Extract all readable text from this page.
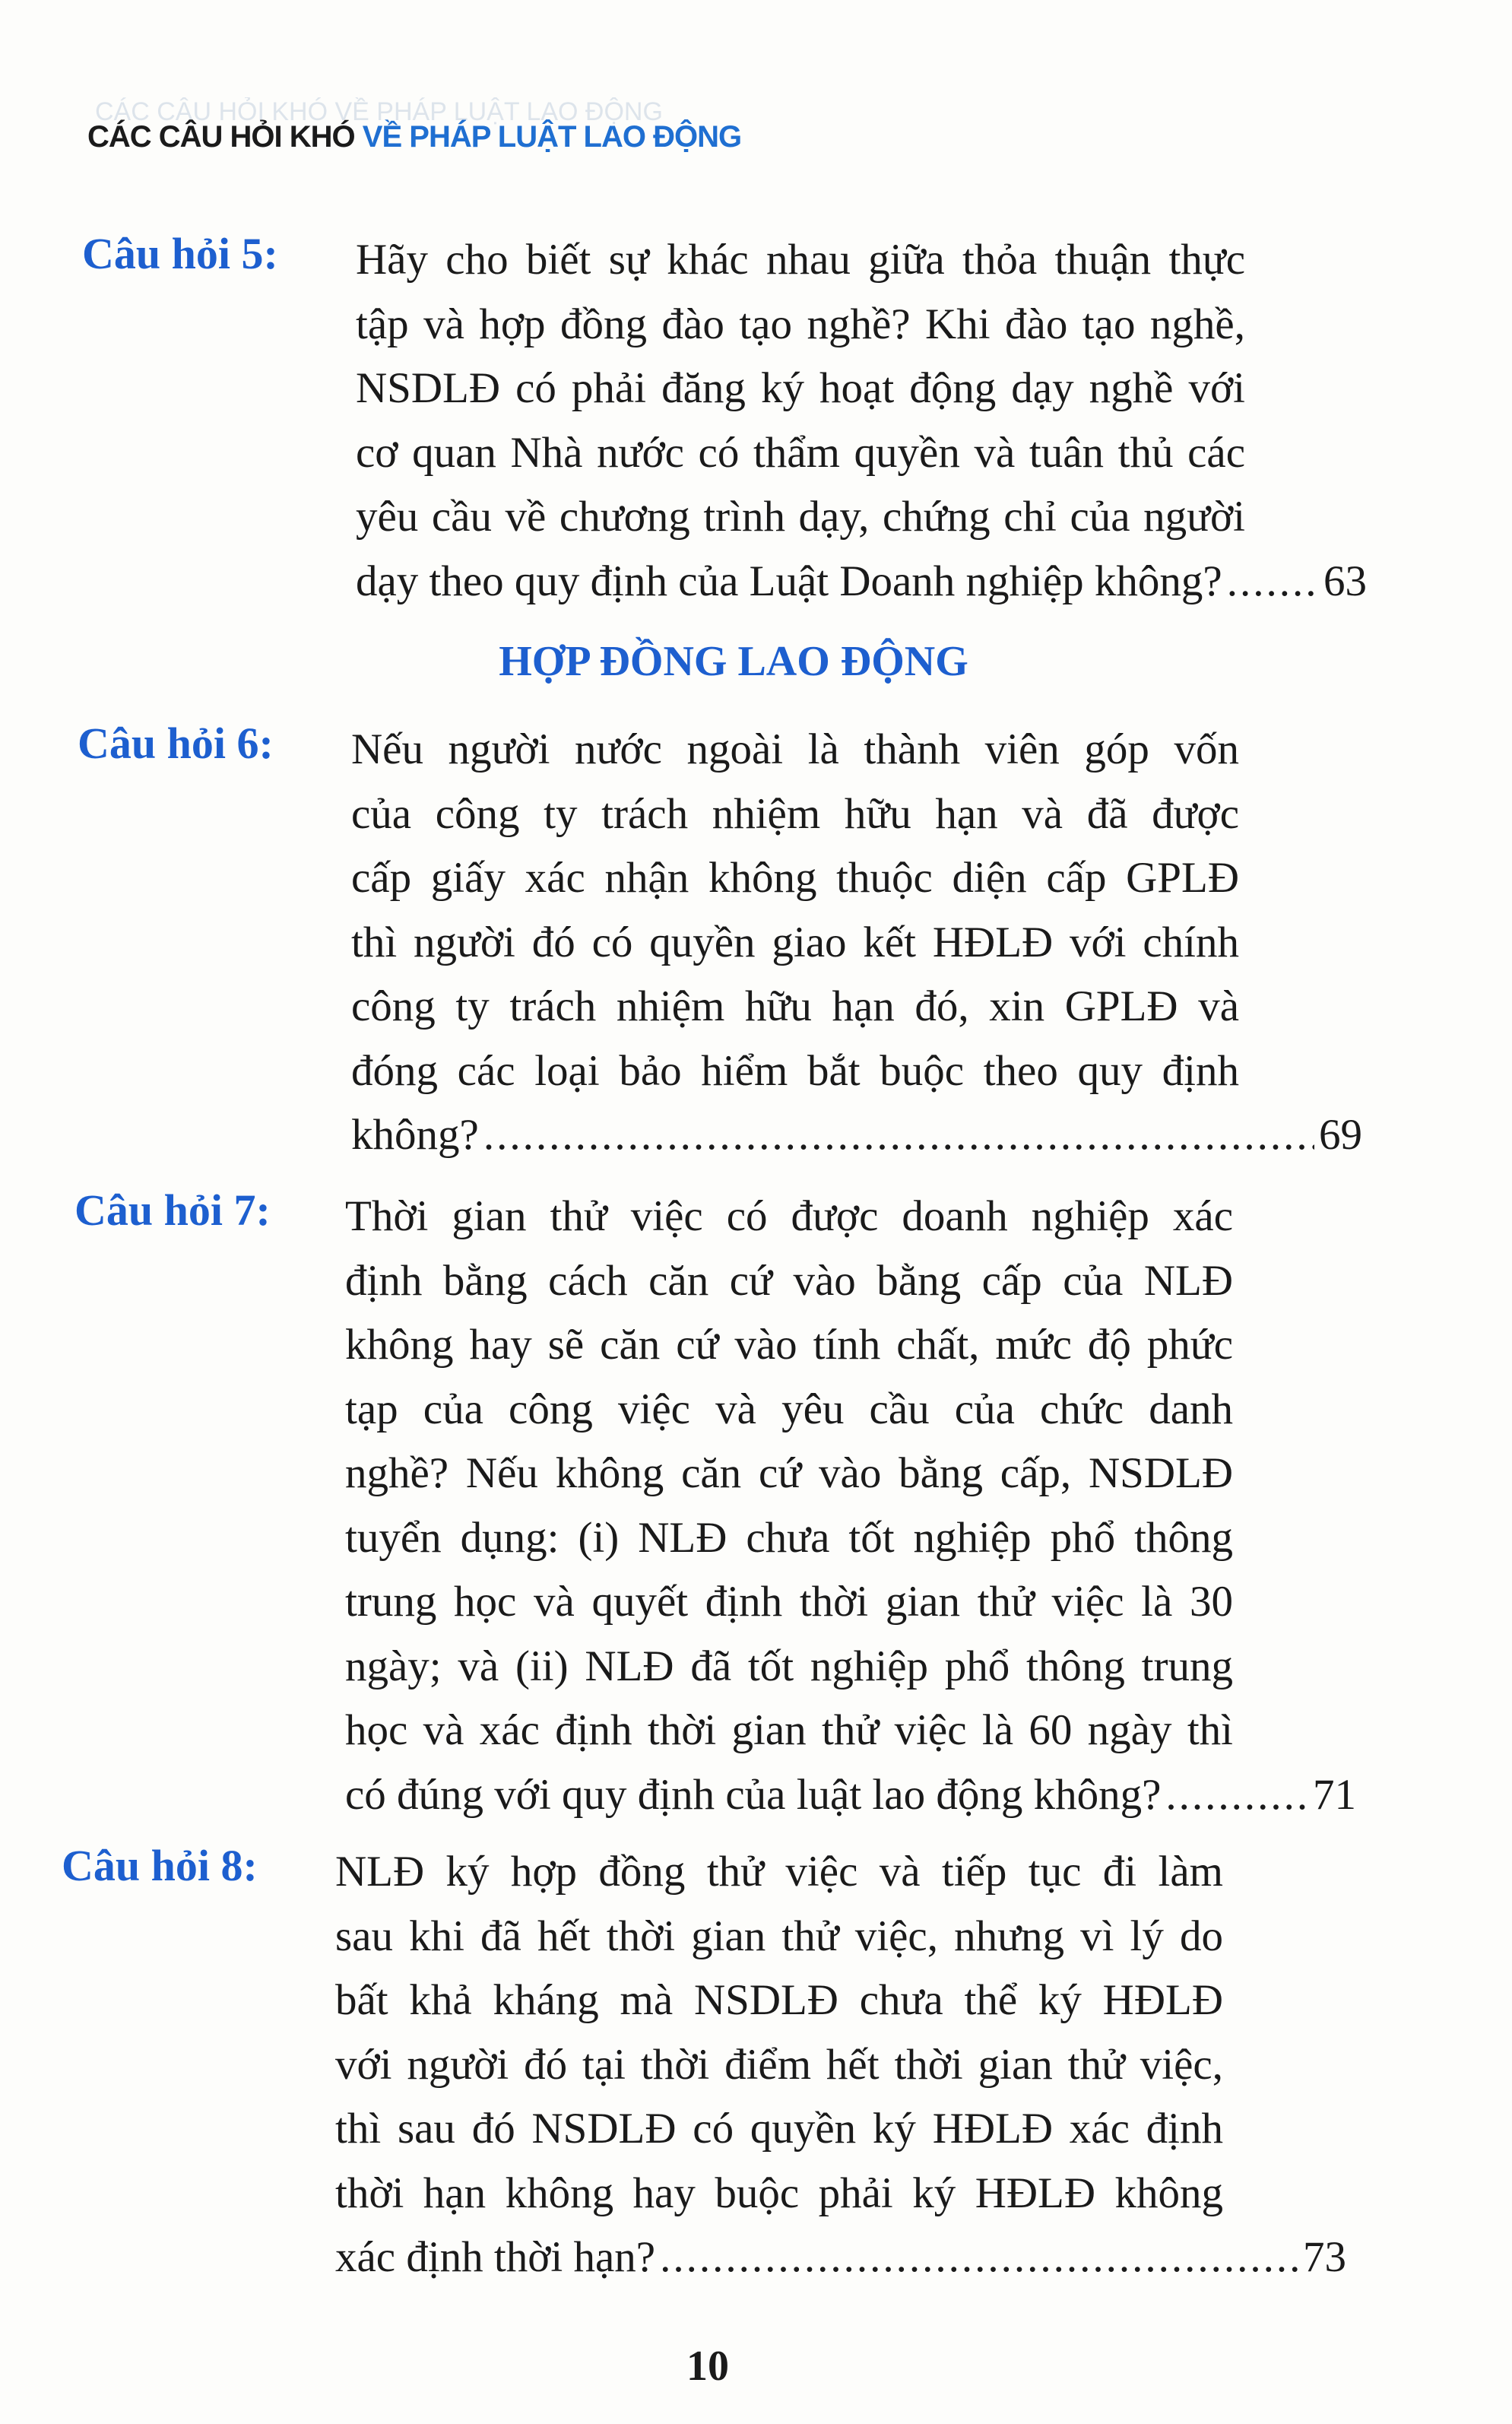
CÁC CÂU HỎI KHÓ VỀ PHÁP LUẬT LAO ĐỘNG
CÁC CÂU HỎI KHÓ VỀ PHÁP LUẬT LAO ĐỘNG
Câu hỏi 5: Hãy cho biết sự khác nhau giữa thỏa thuận thực
tập và hợp đồng đào tạo nghề? Khi đào tạo nghề,
NSDLĐ có phải đăng ký hoạt động dạy nghề với
cơ quan Nhà nước có thẩm quyền và tuân thủ các
yêu cầu về chương trình dạy, chứng chỉ của người
dạy theo quy định của Luật Doanh nghiệp không? ..... 63
Câu hỏi 6: Nếu người nước ngoài là thành viên góp vốn
của công ty trách nhiệm hữu hạn và đã được
cấp giấy xác nhận không thuộc diện cấp GPLĐ
thì người đó có quyền giao kết HĐLĐ với chính
công ty trách nhiệm hữu hạn đó, xin GPLĐ và
đóng các loại bảo hiểm bắt buộc theo quy định
không? .....	69
Câu hỏi 7: Thời gian thử việc có được doanh nghiệp xác
định bằng cách căn cứ vào bằng cấp của NLĐ
không hay sẽ căn cứ vào tính chất, mức độ phức
tạp của công việc và yêu cầu của chức danh
nghề? Nếu không căn cứ vào bằng cấp, NSDLĐ
tuyển dụng: (i) NLĐ chưa tốt nghiệp phổ thông
trung học và quyết định thời gian thử việc là 30
ngày; và (ii) NLĐ đã tốt nghiệp phổ thông trung
học và xác định thời gian thử việc là 60 ngày thì
có đúng với quy định của luật lao động không? .....	71
Câu hỏi 8: NLĐ ký hợp đồng thử việc và tiếp tục đi làm
sau khi đã hết thời gian thử việc, nhưng vì lý do
bất khả kháng mà NSDLĐ chưa thể ký HĐLĐ
với người đó tại thời điểm hết thời gian thử việc,
thì sau đó NSDLĐ có quyền ký HĐLĐ xác định
thời hạn không hay buộc phải ký HĐLĐ không
xác định thời hạn? .....	73
HỢP ĐỒNG LAO ĐỘNG
10
